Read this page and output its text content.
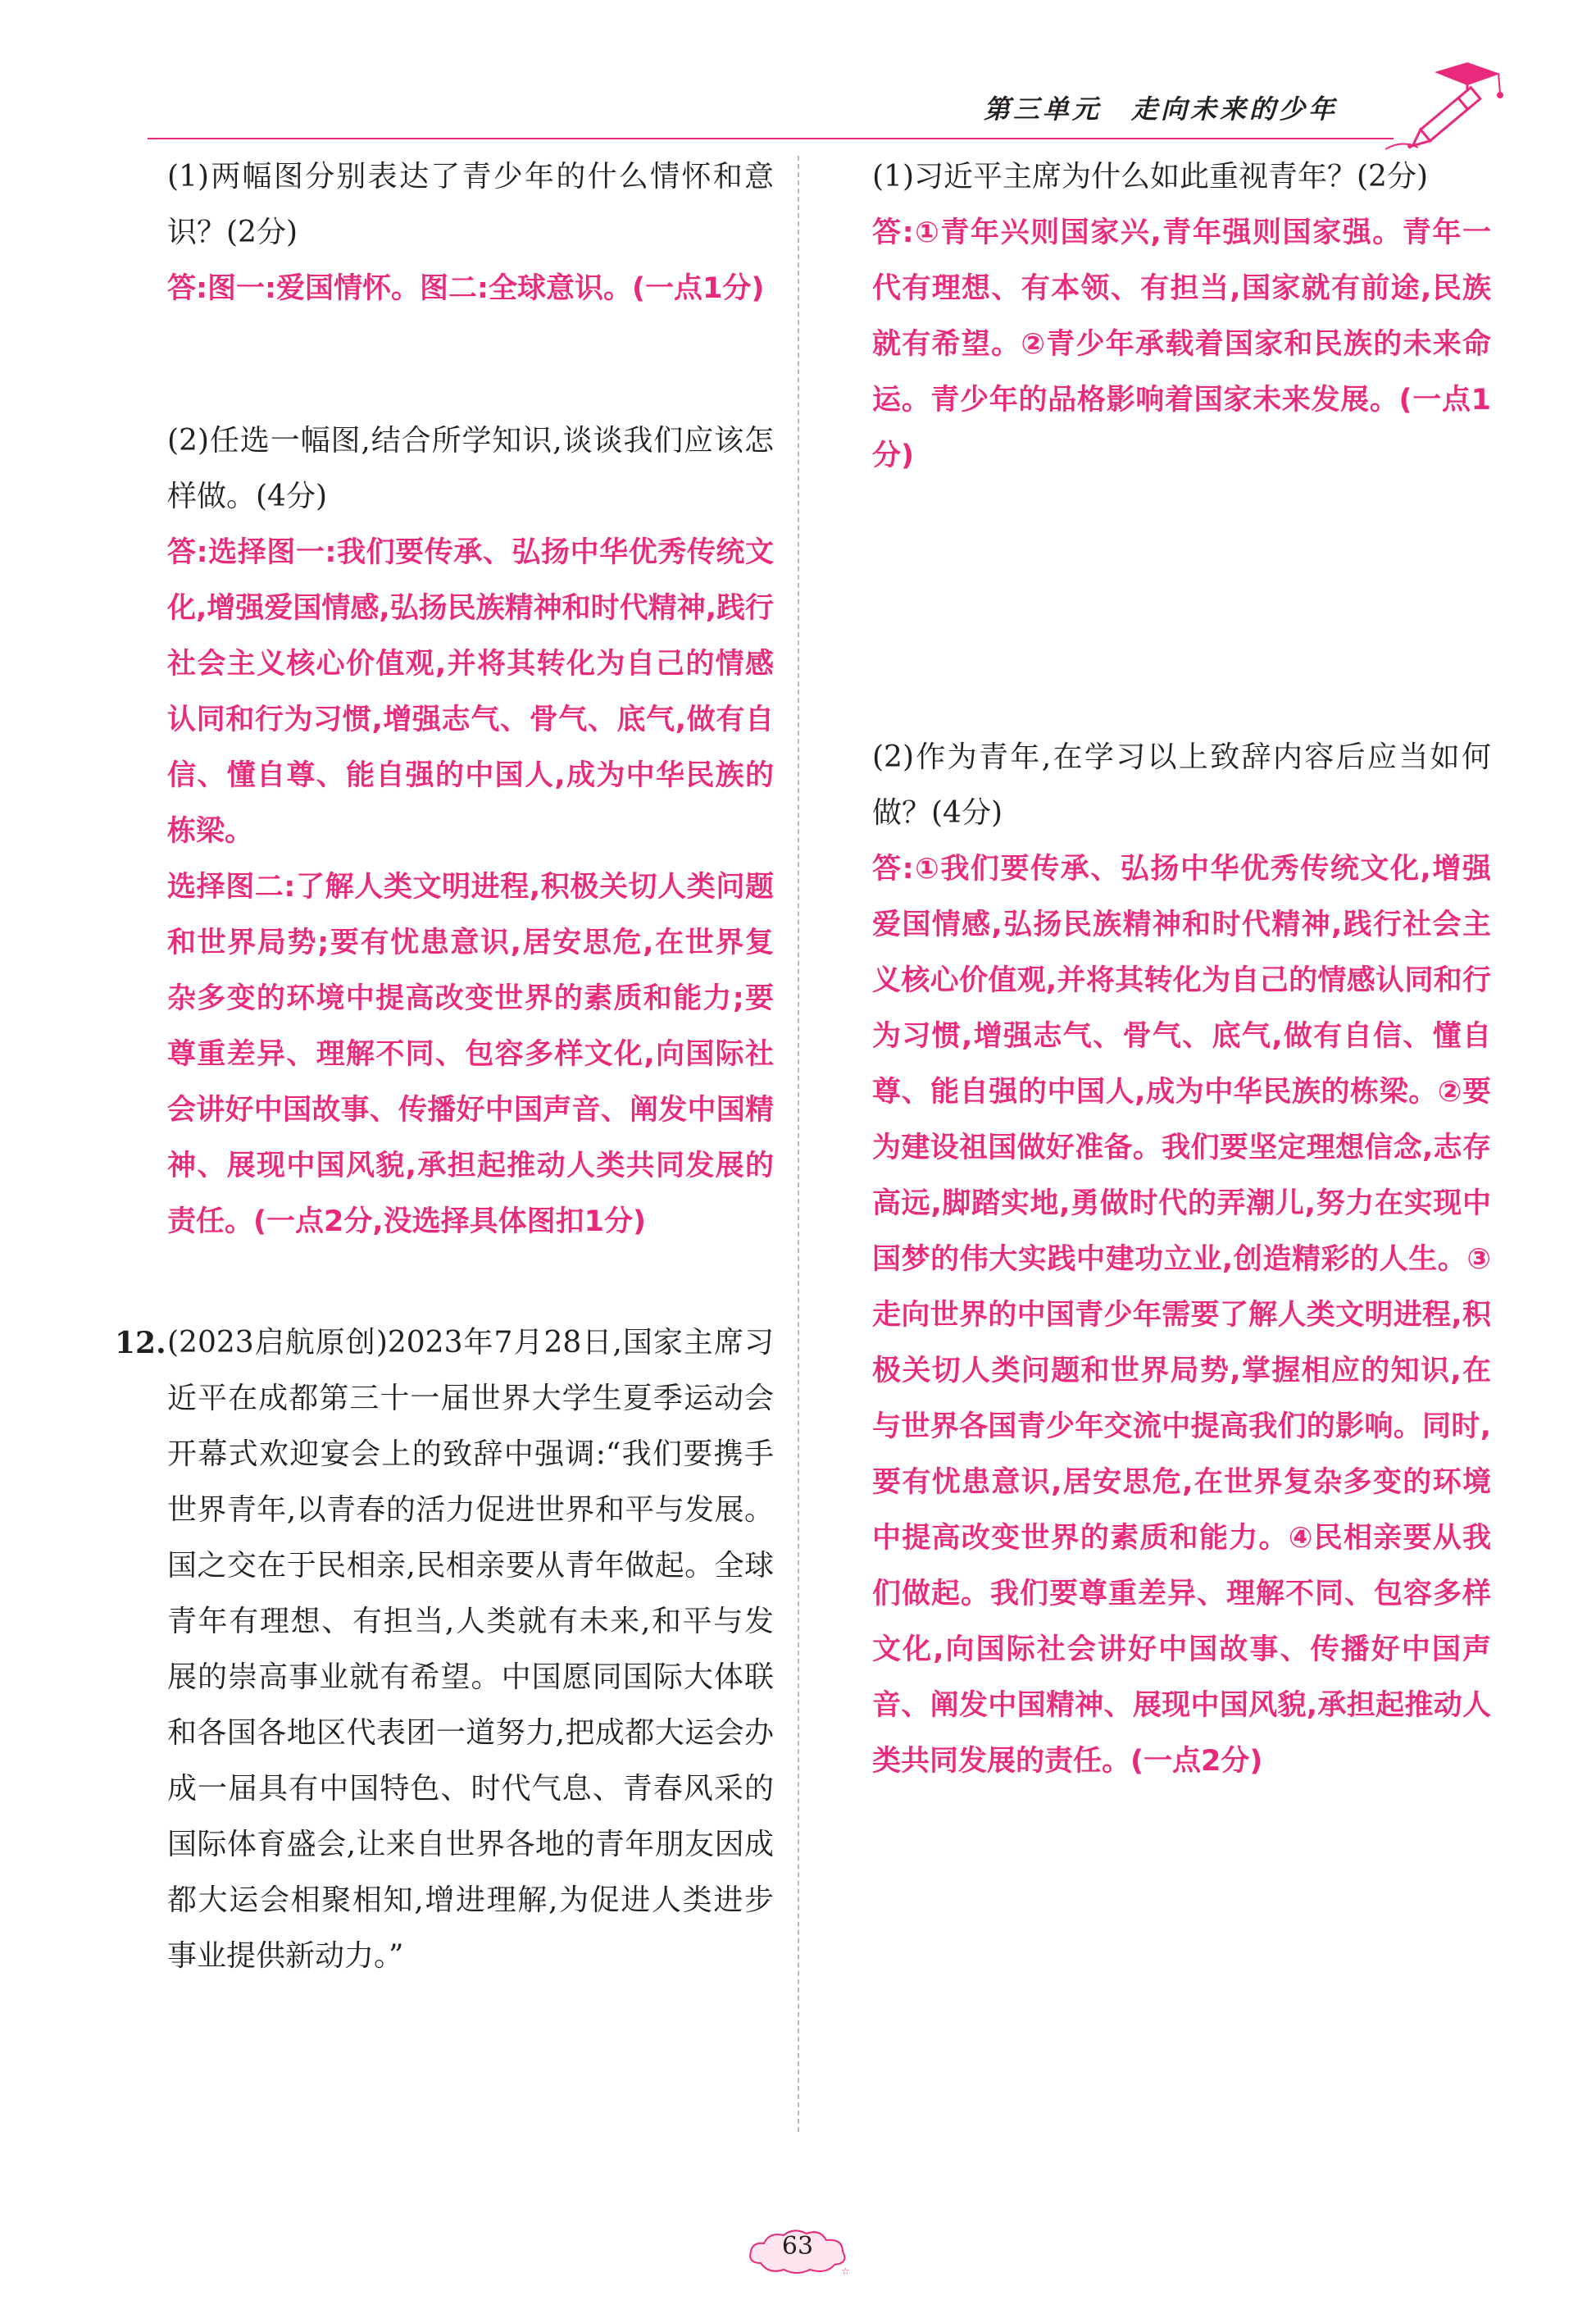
第三单元　走向未来的少年

(1)两幅图分别表达了青少年的什么情怀和意识？(2分)

答:图一:爱国情怀。图二:全球意识。(一点1分)

(2)任选一幅图,结合所学知识,谈谈我们应该怎样做。(4分)

答:选择图一:我们要传承、弘扬中华优秀传统文化,增强爱国情感,弘扬民族精神和时代精神,践行社会主义核心价值观,并将其转化为自己的情感认同和行为习惯,增强志气、骨气、底气,做有自信、懂自尊、能自强的中国人,成为中华民族的栋梁。

选择图二:了解人类文明进程,积极关切人类问题和世界局势;要有忧患意识,居安思危,在世界复杂多变的环境中提高改变世界的素质和能力;要尊重差异、理解不同、包容多样文化,向国际社会讲好中国故事、传播好中国声音、阐发中国精神、展现中国风貌,承担起推动人类共同发展的责任。(一点2分,没选择具体图扣1分)

12. (2023启航原创)2023年7月28日,国家主席习近平在成都第三十一届世界大学生夏季运动会开幕式欢迎宴会上的致辞中强调:“我们要携手世界青年,以青春的活力促进世界和平与发展。国之交在于民相亲,民相亲要从青年做起。全球青年有理想、有担当,人类就有未来,和平与发展的崇高事业就有希望。中国愿同国际大体联和各国各地区代表团一道努力,把成都大运会办成一届具有中国特色、时代气息、青春风采的国际体育盛会,让来自世界各地的青年朋友因成都大运会相聚相知,增进理解,为促进人类进步事业提供新动力。”

(1)习近平主席为什么如此重视青年？(2分)

答:①青年兴则国家兴,青年强则国家强。青年一代有理想、有本领、有担当,国家就有前途,民族就有希望。②青少年承载着国家和民族的未来命运。青少年的品格影响着国家未来发展。(一点1分)

(2)作为青年,在学习以上致辞内容后应当如何做？(4分)

答:①我们要传承、弘扬中华优秀传统文化,增强爱国情感,弘扬民族精神和时代精神,践行社会主义核心价值观,并将其转化为自己的情感认同和行为习惯,增强志气、骨气、底气,做有自信、懂自尊、能自强的中国人,成为中华民族的栋梁。②要为建设祖国做好准备。我们要坚定理想信念,志存高远,脚踏实地,勇做时代的弄潮儿,努力在实现中国梦的伟大实践中建功立业,创造精彩的人生。③走向世界的中国青少年需要了解人类文明进程,积极关切人类问题和世界局势,掌握相应的知识,在与世界各国青少年交流中提高我们的影响。同时,要有忧患意识,居安思危,在世界复杂多变的环境中提高改变世界的素质和能力。④民相亲要从我们做起。我们要尊重差异、理解不同、包容多样文化,向国际社会讲好中国故事、传播好中国声音、阐发中国精神、展现中国风貌,承担起推动人类共同发展的责任。(一点2分)

☆
63
